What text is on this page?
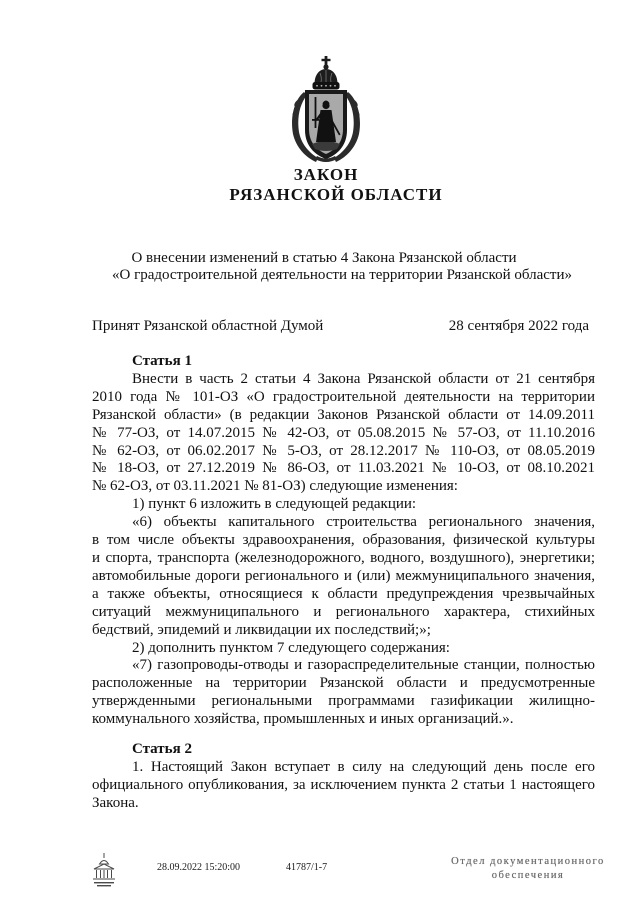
ЗАКОН
РЯЗАНСКОЙ ОБЛАСТИ
О внесении изменений в статью 4 Закона Рязанской области
«О градостроительной деятельности на территории Рязанской области»
Принят Рязанской областной Думой	28 сентября 2022 года
Статья 1
Внести в часть 2 статьи 4 Закона Рязанской области от 21 сентября
2010 года № 101-ОЗ «О градостроительной деятельности на территории
Рязанской области» (в редакции Законов Рязанской области от 14.09.2011
№ 77-ОЗ, от 14.07.2015 № 42-ОЗ, от 05.08.2015 № 57-ОЗ, от 11.10.2016
№ 62-ОЗ, от 06.02.2017 № 5-ОЗ, от 28.12.2017 № 110-ОЗ, от 08.05.2019
№ 18-ОЗ, от 27.12.2019 № 86-ОЗ, от 11.03.2021 № 10-ОЗ, от 08.10.2021
№ 62-ОЗ, от 03.11.2021 № 81-ОЗ) следующие изменения:
1) пункт 6 изложить в следующей редакции:
«6) объекты капитального строительства регионального значения,
в том числе объекты здравоохранения, образования, физической культуры
и спорта, транспорта (железнодорожного, водного, воздушного), энергетики;
автомобильные дороги регионального и (или) межмуниципального значения,
а также объекты, относящиеся к области предупреждения чрезвычайных
ситуаций межмуниципального и регионального характера, стихийных
бедствий, эпидемий и ликвидации их последствий;»;
2) дополнить пунктом 7 следующего содержания:
«7) газопроводы-отводы и газораспределительные станции, полностью
расположенные на территории Рязанской области и предусмотренные
утвержденными региональными программами газификации жилищно-
коммунального хозяйства, промышленных и иных организаций.».
Статья 2
1. Настоящий Закон вступает в силу на следующий день после его
официального опубликования, за исключением пункта 2 статьи 1 настоящего
Закона.
28.09.2022 15:20:00	41787/1-7
Отдел документационного
обеспечения
